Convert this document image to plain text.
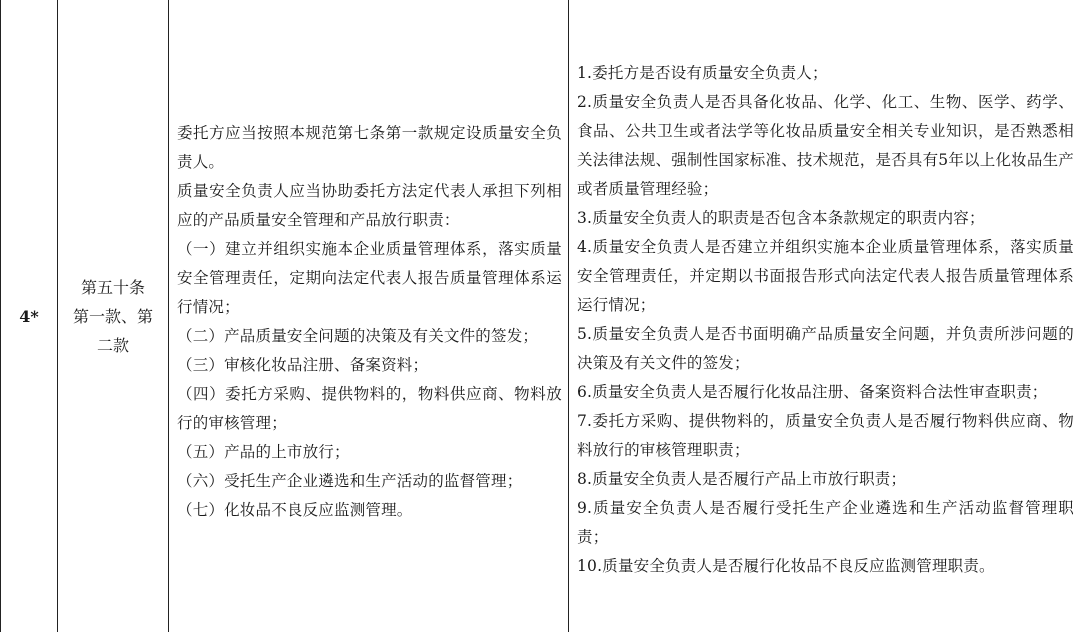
4*
第五十条
第一款、第
二款

委托方应当按照本规范第七条第一款规定设质量安全负责人。

质量安全负责人应当协助委托方法定代表人承担下列相应的产品质量安全管理和产品放行职责：

（一）建立并组织实施本企业质量管理体系，落实质量安全管理责任，定期向法定代表人报告质量管理体系运行情况；

（二）产品质量安全问题的决策及有关文件的签发；

（三）审核化妆品注册、备案资料；

（四）委托方采购、提供物料的，物料供应商、物料放行的审核管理；

（五）产品的上市放行；

（六）受托生产企业遴选和生产活动的监督管理；

（七）化妆品不良反应监测管理。

1.委托方是否设有质量安全负责人；

2.质量安全负责人是否具备化妆品、化学、化工、生物、医学、药学、食品、公共卫生或者法学等化妆品质量安全相关专业知识，是否熟悉相关法律法规、强制性国家标准、技术规范，是否具有5年以上化妆品生产或者质量管理经验；

3.质量安全负责人的职责是否包含本条款规定的职责内容；

4.质量安全负责人是否建立并组织实施本企业质量管理体系，落实质量安全管理责任，并定期以书面报告形式向法定代表人报告质量管理体系运行情况；

5.质量安全负责人是否书面明确产品质量安全问题，并负责所涉问题的决策及有关文件的签发；

6.质量安全负责人是否履行化妆品注册、备案资料合法性审查职责；

7.委托方采购、提供物料的，质量安全负责人是否履行物料供应商、物料放行的审核管理职责；

8.质量安全负责人是否履行产品上市放行职责；

9.质量安全负责人是否履行受托生产企业遴选和生产活动监督管理职责；

10.质量安全负责人是否履行化妆品不良反应监测管理职责。
